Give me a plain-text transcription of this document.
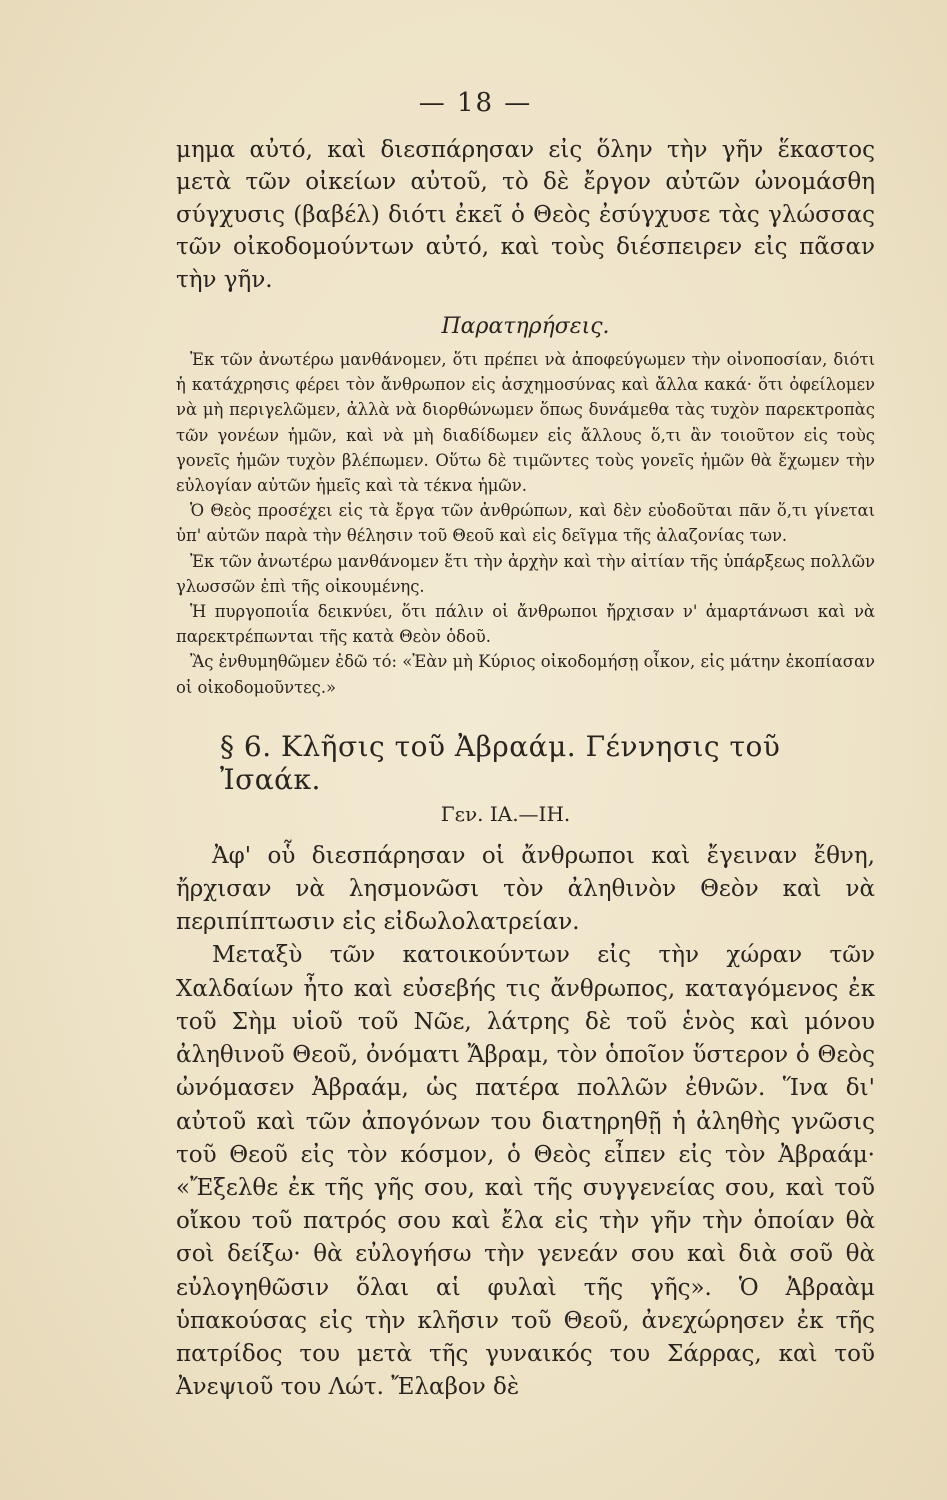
— 18 —

μημα αὐτό, καὶ διεσπάρησαν εἰς ὅλην τὴν γῆν ἕκαστος μετὰ τῶν οἰκείων αὐτοῦ, τὸ δὲ ἔργον αὐτῶν ὠνομάσθη σύγχυσις (βαβέλ) διότι ἐκεῖ ὁ Θεὸς ἐσύγχυσε τὰς γλώσσας τῶν οἰκοδομούντων αὐτό, καὶ τοὺς διέσπειρεν εἰς πᾶσαν τὴν γῆν.

Παρατηρήσεις.

Ἐκ τῶν ἀνωτέρω μανθάνομεν, ὅτι πρέπει νὰ ἀποφεύγωμεν τὴν οἰνοποσίαν, διότι ἡ κατάχρησις φέρει τὸν ἄνθρωπον εἰς ἀσχημοσύνας καὶ ἄλλα κακά· ὅτι ὀφείλομεν νὰ μὴ περιγελῶμεν, ἀλλὰ νὰ διορθώνωμεν ὅπως δυνάμεθα τὰς τυχὸν παρεκτροπὰς τῶν γονέων ἡμῶν, καὶ νὰ μὴ διαδίδωμεν εἰς ἄλλους ὅ,τι ἂν τοιοῦτον εἰς τοὺς γονεῖς ἡμῶν τυχὸν βλέπωμεν. Οὕτω δὲ τιμῶντες τοὺς γονεῖς ἡμῶν θὰ ἔχωμεν τὴν εὐλογίαν αὐτῶν ἡμεῖς καὶ τὰ τέκνα ἡμῶν.

Ὁ Θεὸς προσέχει εἰς τὰ ἔργα τῶν ἀνθρώπων, καὶ δὲν εὐοδοῦται πᾶν ὅ,τι γίνεται ὑπ' αὐτῶν παρὰ τὴν θέλησιν τοῦ Θεοῦ καὶ εἰς δεῖγμα τῆς ἀλαζονίας των.

Ἐκ τῶν ἀνωτέρω μανθάνομεν ἔτι τὴν ἀρχὴν καὶ τὴν αἰτίαν τῆς ὑπάρξεως πολλῶν γλωσσῶν ἐπὶ τῆς οἰκουμένης.

Ἡ πυργοποιΐα δεικνύει, ὅτι πάλιν οἱ ἄνθρωποι ἤρχισαν ν' ἁμαρτάνωσι καὶ νὰ παρεκτρέπωνται τῆς κατὰ Θεὸν ὁδοῦ.

Ἂς ἐνθυμηθῶμεν ἐδῶ τό: «Ἐὰν μὴ Κύριος οἰκοδομήσῃ οἶκον, εἰς μάτην ἐκοπίασαν οἱ οἰκοδομοῦντες.»

§ 6. Κλῆσις τοῦ Ἀβραάμ. Γέννησις τοῦ Ἰσαάκ.
Γεν. ΙΑ.—ΙΗ.

Ἀφ' οὗ διεσπάρησαν οἱ ἄνθρωποι καὶ ἔγειναν ἔθνη, ἤρχισαν νὰ λησμονῶσι τὸν ἀληθινὸν Θεὸν καὶ νὰ περιπίπτωσιν εἰς εἰδωλολατρείαν.

Μεταξὺ τῶν κατοικούντων εἰς τὴν χώραν τῶν Χαλδαίων ἦτο καὶ εὐσεβής τις ἄνθρωπος, καταγόμενος ἐκ τοῦ Σὴμ υἱοῦ τοῦ Νῶε, λάτρης δὲ τοῦ ἑνὸς καὶ μόνου ἀληθινοῦ Θεοῦ, ὀνόματι Ἄβραμ, τὸν ὁποῖον ὕστερον ὁ Θεὸς ὠνόμασεν Ἀβραάμ, ὡς πατέρα πολλῶν ἐθνῶν. Ἵνα δι' αὐτοῦ καὶ τῶν ἀπογόνων του διατηρηθῇ ἡ ἀληθὴς γνῶσις τοῦ Θεοῦ εἰς τὸν κόσμον, ὁ Θεὸς εἶπεν εἰς τὸν Ἀβραάμ· «Ἔξελθε ἐκ τῆς γῆς σου, καὶ τῆς συγγενείας σου, καὶ τοῦ οἴκου τοῦ πατρός σου καὶ ἔλα εἰς τὴν γῆν τὴν ὁποίαν θὰ σοὶ δείξω· θὰ εὐλογήσω τὴν γενεάν σου καὶ διὰ σοῦ θὰ εὐλογηθῶσιν ὅλαι αἱ φυλαὶ τῆς γῆς». Ὁ Ἀβραὰμ ὑπακούσας εἰς τὴν κλῆσιν τοῦ Θεοῦ, ἀνεχώρησεν ἐκ τῆς πατρίδος του μετὰ τῆς γυναικός του Σάρρας, καὶ τοῦ Ἀνεψιοῦ του Λώτ. Ἔλαβον δὲ
